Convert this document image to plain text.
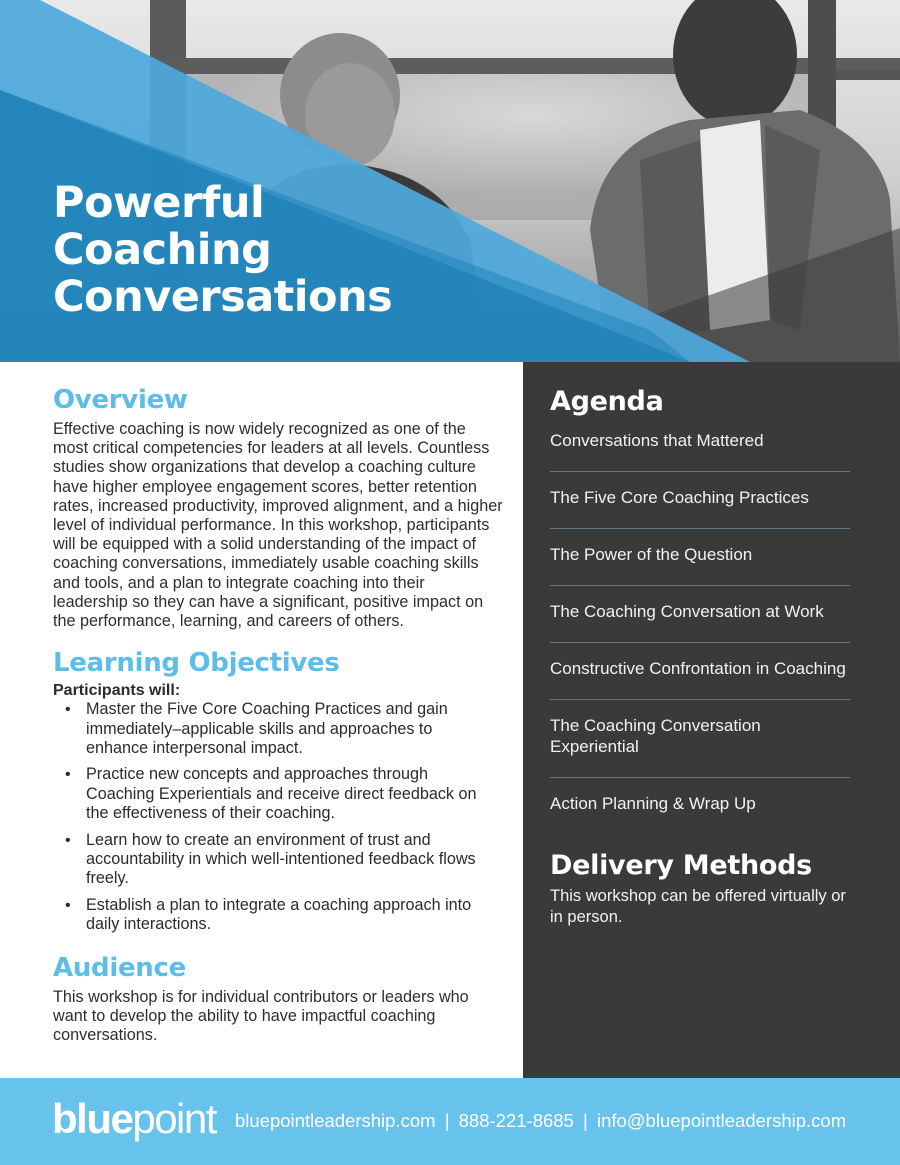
Powerful
Coaching
Conversations
Overview

Effective coaching is now widely recognized as one of the most critical competencies for leaders at all levels. Countless studies show organizations that develop a coaching culture have higher employee engagement scores, better retention rates, increased productivity, improved alignment, and a higher level of individual performance. In this workshop, participants will be equipped with a solid understanding of the impact of coaching conversations, immediately usable coaching skills and tools, and a plan to integrate coaching into their leadership so they can have a significant, positive impact on the performance, learning, and careers of others.

Learning Objectives

Participants will:

• Master the Five Core Coaching Practices and gain immediately–applicable skills and approaches to enhance interpersonal impact.
• Practice new concepts and approaches through Coaching Experientials and receive direct feedback on the effectiveness of their coaching.
• Learn how to create an environment of trust and accountability in which well-intentioned feedback flows freely.
• Establish a plan to integrate a coaching approach into daily interactions.
Audience

This workshop is for individual contributors or leaders who want to develop the ability to have impactful coaching conversations.

Agenda
Conversations that Mattered
The Five Core Coaching Practices
The Power of the Question
The Coaching Conversation at Work
Constructive Confrontation in Coaching
The Coaching Conversation Experiential
Action Planning & Wrap Up
Delivery Methods

This workshop can be offered virtually or in person.

bluepoint bluepointleadership.com | 888-221-8685 | info@bluepointleadership.com
